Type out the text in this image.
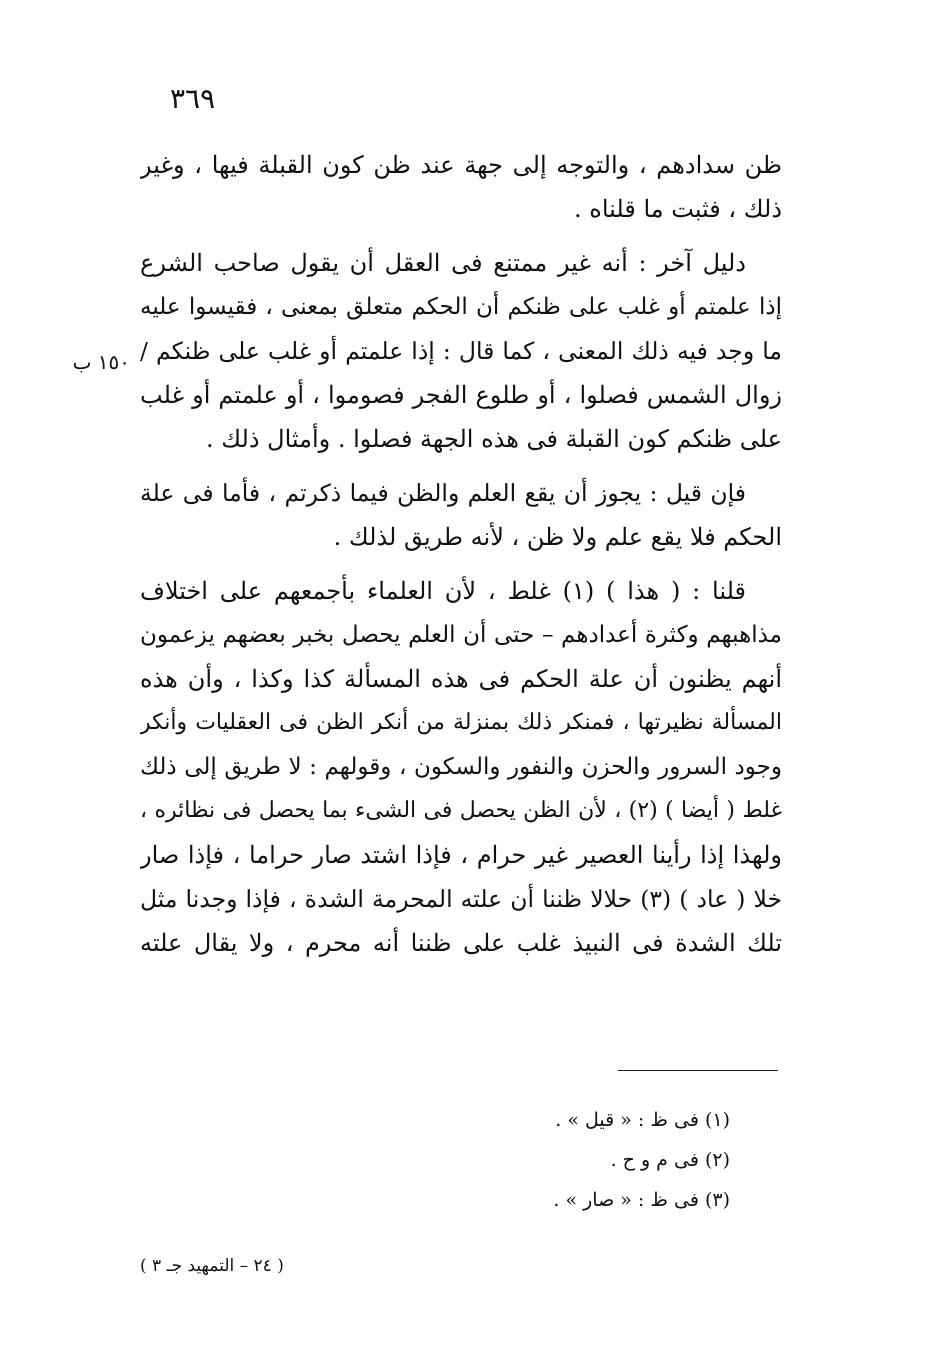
٣٦٩
١٥٠ ب
ظن سدادهم ، والتوجه إلى جهة عند ظن كون القبلة فيها ، وغير
ذلك ، فثبت ما قلناه .
دليل آخر : أنه غير ممتنع فى العقل أن يقول صاحب الشرع
إذا علمتم أو غلب على ظنكم أن الحكم متعلق بمعنى ، فقيسوا عليه
ما وجد فيه ذلك المعنى ، كما قال : إذا علمتم أو غلب على ظنكم /
زوال الشمس فصلوا ، أو طلوع الفجر فصوموا ، أو علمتم أو غلب
على ظنكم كون القبلة فى هذه الجهة فصلوا . وأمثال ذلك .
فإن قيل : يجوز أن يقع العلم والظن فيما ذكرتم ، فأما فى علة
الحكم فلا يقع علم ولا ظن ، لأنه طريق لذلك .
قلنا : ( هذا ) (١) غلط ، لأن العلماء بأجمعهم على اختلاف
مذاهبهم وكثرة أعدادهم – حتى أن العلم يحصل بخبر بعضهم يزعمون
أنهم يظنون أن علة الحكم فى هذه المسألة كذا وكذا ، وأن هذه
المسألة نظيرتها ، فمنكر ذلك بمنزلة من أنكر الظن فى العقليات وأنكر
وجود السرور والحزن والنفور والسكون ، وقولهم : لا طريق إلى ذلك
غلط ( أيضا ) (٢) ، لأن الظن يحصل فى الشىء بما يحصل فى نظائره ،
ولهذا إذا رأينا العصير غير حرام ، فإذا اشتد صار حراما ، فإذا صار
خلا ( عاد ) (٣) حلالا ظننا أن علته المحرمة الشدة ، فإذا وجدنا مثل
تلك الشدة فى النبيذ غلب على ظننا أنه محرم ، ولا يقال علته
(١) فى ظ : « قيل » .
(٢) فى م و ح .
(٣) فى ظ : « صار » .
( ٢٤ – التمهيد جـ ٣ )
